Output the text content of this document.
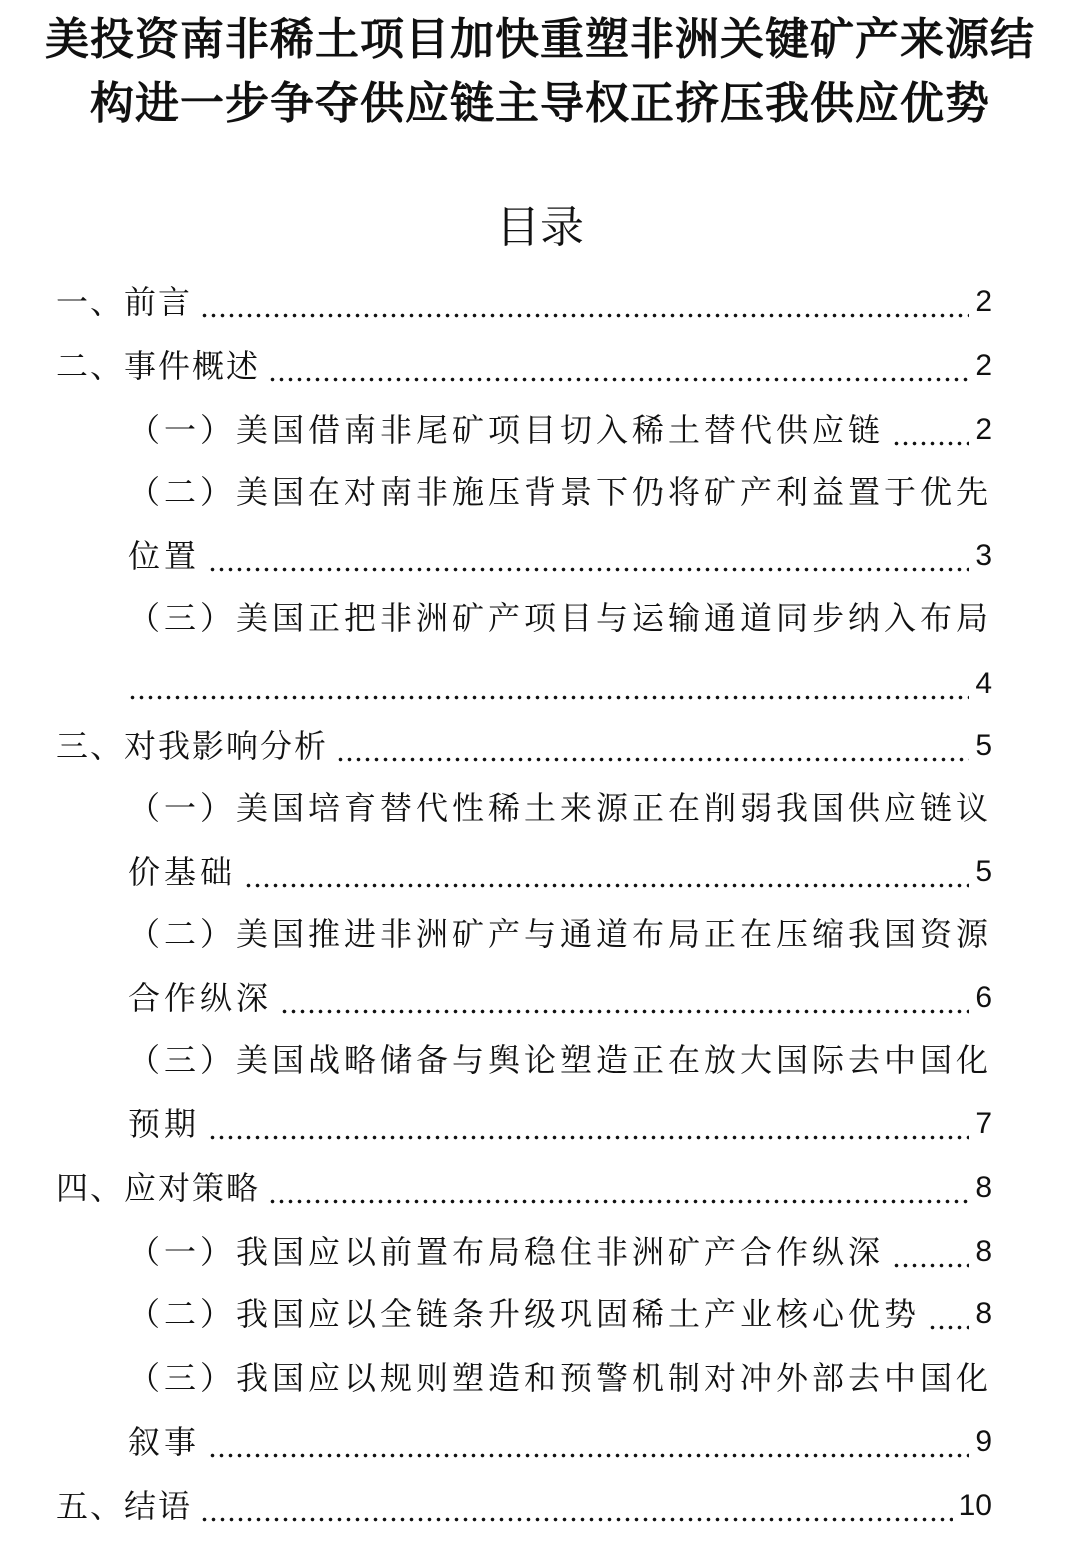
美投资南非稀土项目加快重塑非洲关键矿产来源结构进一步争夺供应链主导权正挤压我供应优势
目录
一、前言	2
二、事件概述	2
（一）美国借南非尾矿项目切入稀土替代供应链	2
（二）美国在对南非施压背景下仍将矿产利益置于优先
位置	3
（三）美国正把非洲矿产项目与运输通道同步纳入布局
4
三、对我影响分析	5
（一）美国培育替代性稀土来源正在削弱我国供应链议
价基础	5
（二）美国推进非洲矿产与通道布局正在压缩我国资源
合作纵深	6
（三）美国战略储备与舆论塑造正在放大国际去中国化
预期	7
四、应对策略	8
（一）我国应以前置布局稳住非洲矿产合作纵深	8
（二）我国应以全链条升级巩固稀土产业核心优势 8
（三）我国应以规则塑造和预警机制对冲外部去中国化
叙事	9
五、结语	10
